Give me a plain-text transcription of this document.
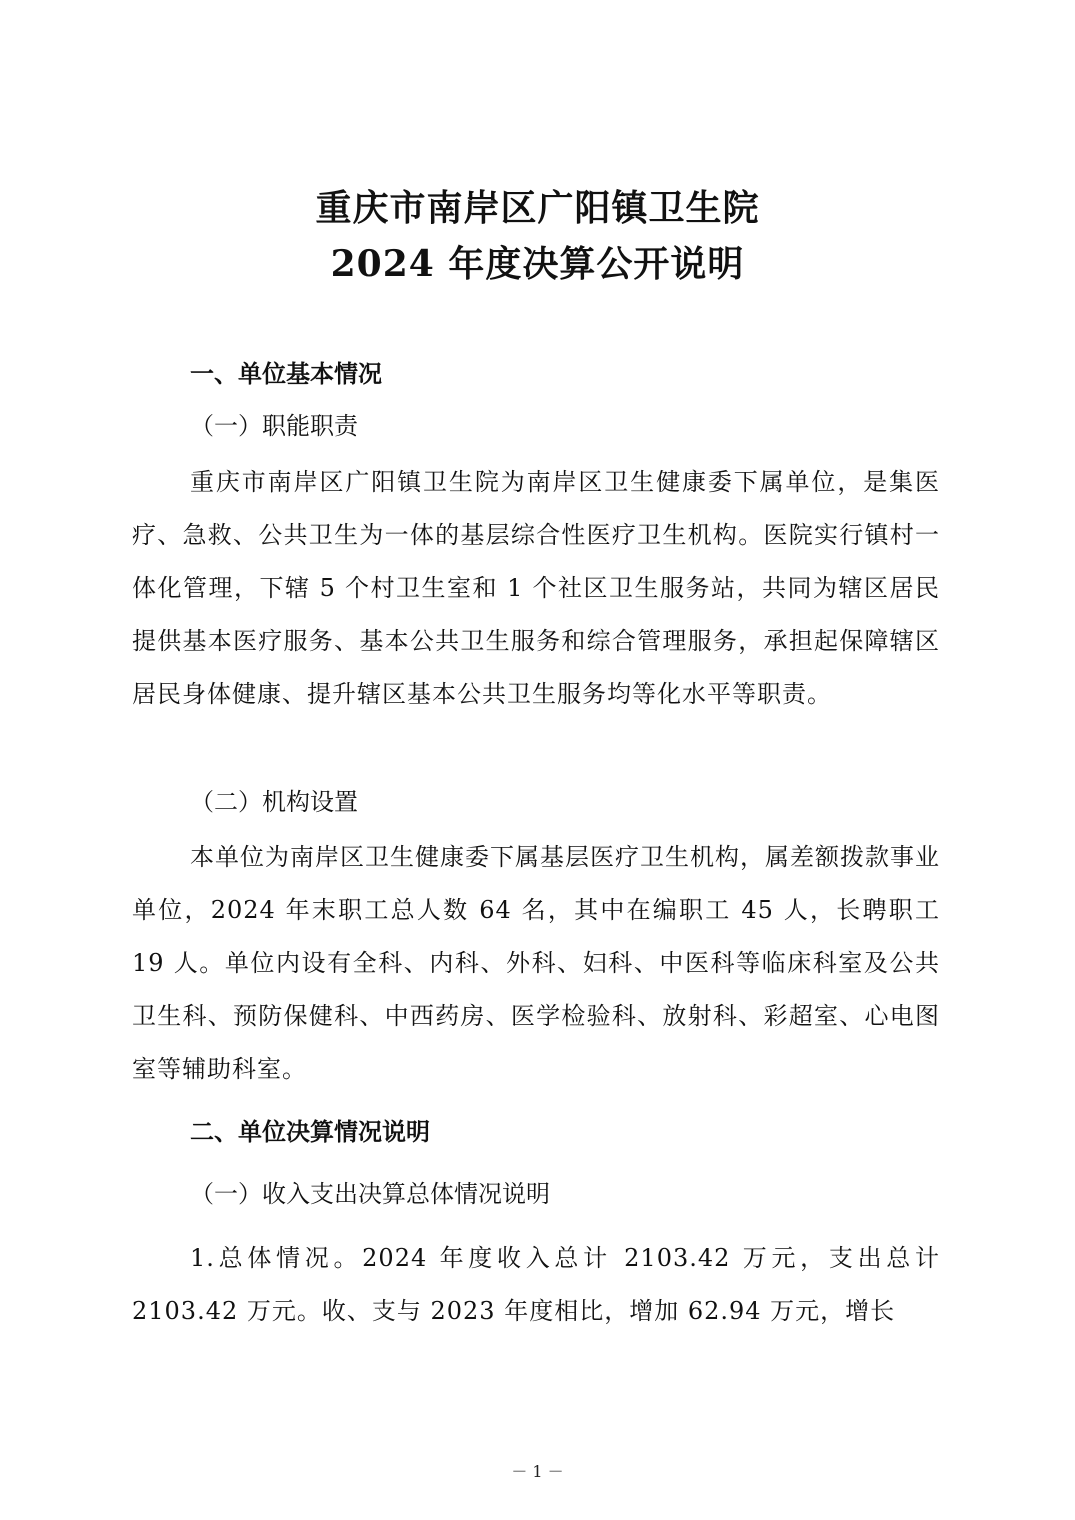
重庆市南岸区广阳镇卫生院
2024 年度决算公开说明
一、单位基本情况
（一）职能职责
重庆市南岸区广阳镇卫生院为南岸区卫生健康委下属单位，是集医疗、急救、公共卫生为一体的基层综合性医疗卫生机构。医院实行镇村一体化管理，下辖 5 个村卫生室和 1 个社区卫生服务站，共同为辖区居民提供基本医疗服务、基本公共卫生服务和综合管理服务，承担起保障辖区居民身体健康、提升辖区基本公共卫生服务均等化水平等职责。
（二）机构设置
本单位为南岸区卫生健康委下属基层医疗卫生机构，属差额拨款事业单位，2024 年末职工总人数 64 名，其中在编职工 45 人，长聘职工 19 人。单位内设有全科、内科、外科、妇科、中医科等临床科室及公共卫生科、预防保健科、中西药房、医学检验科、放射科、彩超室、心电图室等辅助科室。
二、单位决算情况说明
（一）收入支出决算总体情况说明
1.总体情况。2024 年度收入总计 2103.42 万元，支出总计 2103.42 万元。收、支与 2023 年度相比，增加 62.94 万元，增长
－ 1 －
